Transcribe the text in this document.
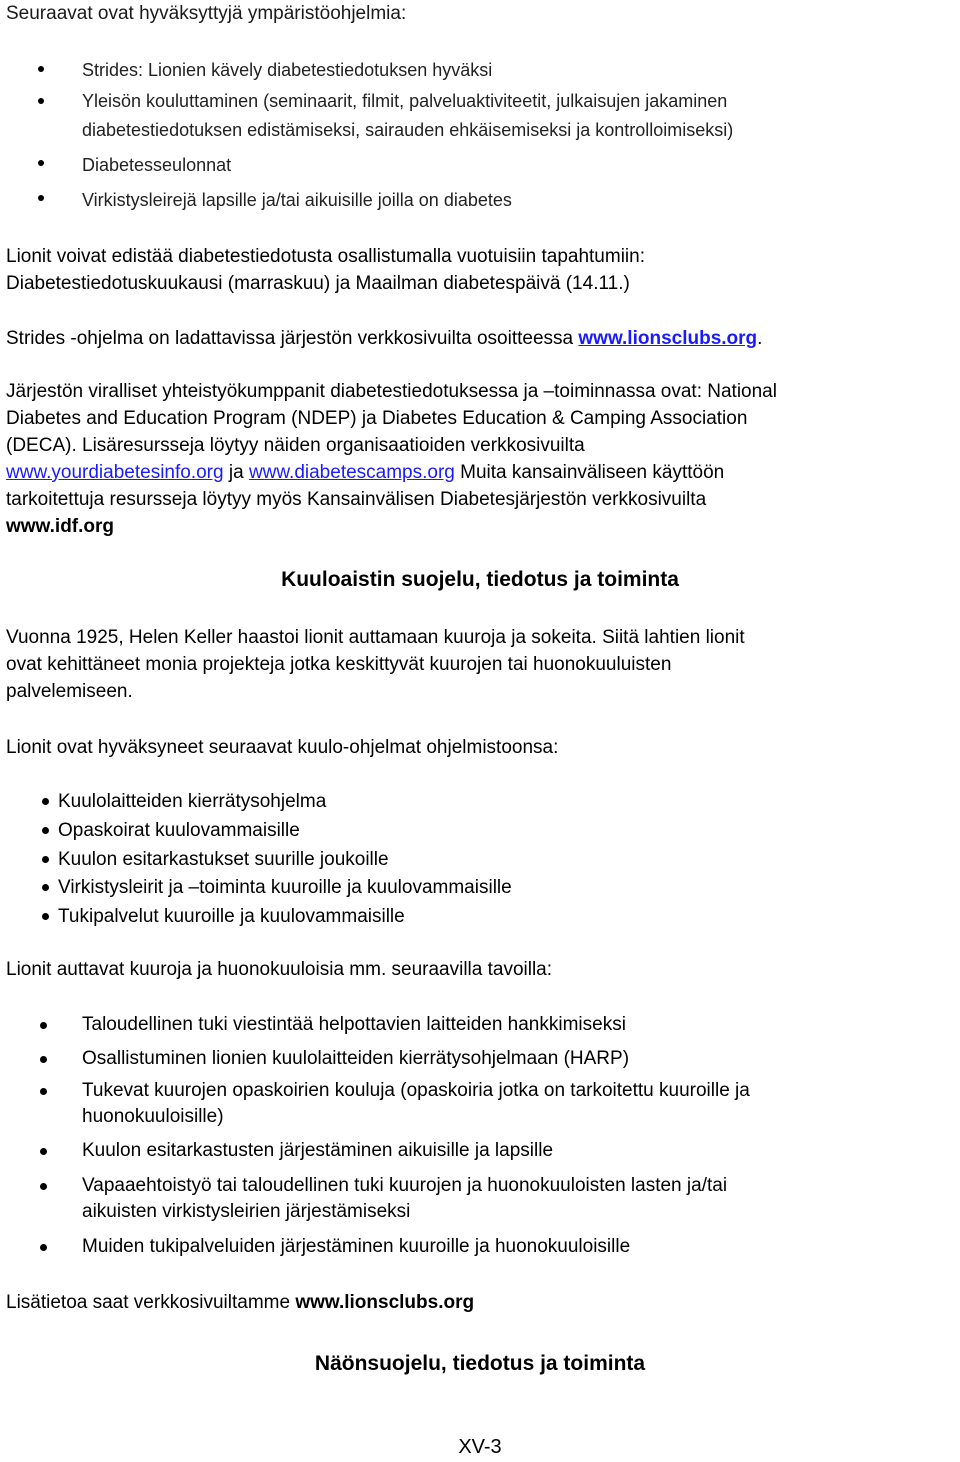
Seuraavat ovat hyväksyttyjä ympäristöohjelmia:
Strides: Lionien kävely diabetestiedotuksen hyväksi
Yleisön kouluttaminen (seminaarit, filmit, palveluaktiviteetit, julkaisujen jakaminen
diabetestiedotuksen edistämiseksi, sairauden ehkäisemiseksi ja kontrolloimiseksi)
Diabetesseulonnat
Virkistysleirejä lapsille ja/tai aikuisille joilla on diabetes
Lionit voivat edistää diabetestiedotusta osallistumalla vuotuisiin tapahtumiin:
Diabetestiedotuskuukausi (marraskuu) ja Maailman diabetespäivä (14.11.)
Strides -ohjelma on ladattavissa järjestön verkkosivuilta osoitteessa www.lionsclubs.org.
Järjestön viralliset yhteistyökumppanit diabetestiedotuksessa ja –toiminnassa ovat: National
Diabetes and Education Program (NDEP) ja Diabetes Education & Camping Association
(DECA). Lisäresursseja löytyy näiden organisaatioiden verkkosivuilta
www.yourdiabetesinfo.org ja www.diabetescamps.org Muita kansainväliseen käyttöön
tarkoitettuja resursseja löytyy myös Kansainvälisen Diabetesjärjestön verkkosivuilta
www.idf.org
Kuuloaistin suojelu, tiedotus ja toiminta
Vuonna 1925, Helen Keller haastoi lionit auttamaan kuuroja ja sokeita. Siitä lahtien lionit
ovat kehittäneet monia projekteja jotka keskittyvät kuurojen tai huonokuuluisten
palvelemiseen.
Lionit ovat hyväksyneet seuraavat kuulo-ohjelmat ohjelmistoonsa:
Kuulolaitteiden kierrätysohjelma
Opaskoirat kuulovammaisille
Kuulon esitarkastukset suurille joukoille
Virkistysleirit ja –toiminta kuuroille ja kuulovammaisille
Tukipalvelut kuuroille ja kuulovammaisille
Lionit auttavat kuuroja ja huonokuuloisia mm. seuraavilla tavoilla:
Taloudellinen tuki viestintää helpottavien laitteiden hankkimiseksi
Osallistuminen lionien kuulolaitteiden kierrätysohjelmaan (HARP)
Tukevat kuurojen opaskoirien kouluja (opaskoiria jotka on tarkoitettu kuuroille ja
huonokuuloisille)
Kuulon esitarkastusten järjestäminen aikuisille ja lapsille
Vapaaehtoistyö tai taloudellinen tuki kuurojen ja huonokuuloisten lasten ja/tai
aikuisten virkistysleirien järjestämiseksi
Muiden tukipalveluiden järjestäminen kuuroille ja huonokuuloisille
Lisätietoa saat verkkosivuiltamme www.lionsclubs.org
Näönsuojelu, tiedotus ja toiminta
XV-3
